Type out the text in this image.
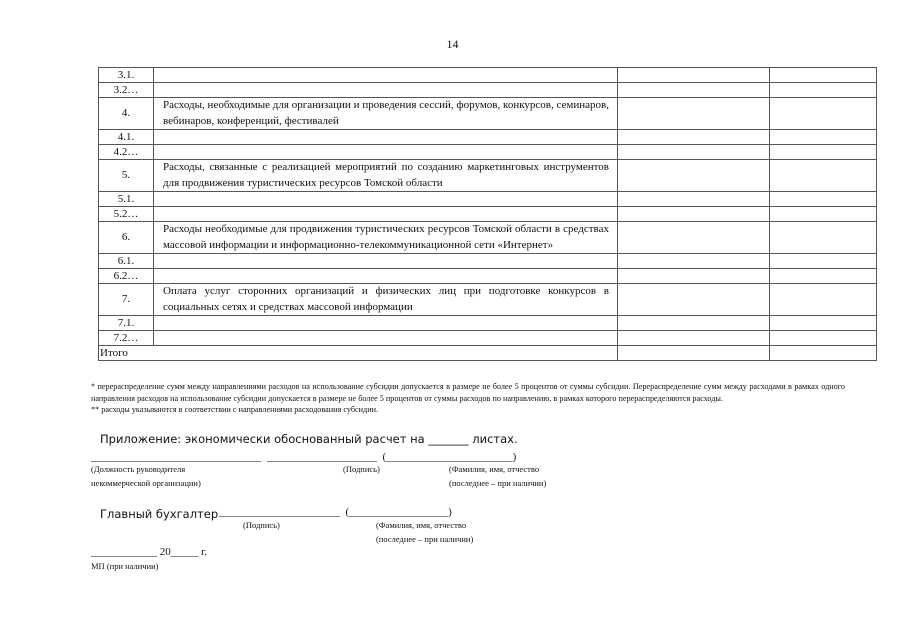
14
3.1.			
3.2…			
4.	Расходы, необходимые для организации и проведения сессий, форумов, конкурсов, семинаров, вебинаров, конференций, фестивалей		
4.1.			
4.2…			
5.	Расходы, связанные с реализацией мероприятий по созданию маркетинговых инструментов для продвижения туристических ресурсов Томской области		
5.1.			
5.2…			
6.	Расходы необходимые для продвижения туристических ресурсов Томской области в средствах массовой информации и информационно-телекоммуникационной сети «Интернет»		
6.1.			
6.2…			
7.	Оплата услуг сторонних организаций и физических лиц при подготовке конкурсов в социальных сетях и средствах массовой информации		
7.1.			
7.2…			
Итого			
* перераспределение сумм между направлениями расходов на использование субсидии допускается в размере не более 5 процентов от суммы субсидии. Перераспределение сумм между расходами в рамках одного направления расходов на использование субсидии допускается в размере не более 5 процентов от суммы расходов по направлению, в рамках которого перераспределяются расходы.
** расходы указываются в соответствии с направлениями расходования субсидии.
Приложение: экономически обоснованный расчет на _______ листах.
_______________________________  ____________________  (_______________________)
(Должность руководителя
некоммерческой организации)
(Подпись)	(Фамилия, имя, отчество
(последнее – при наличии)
Главный бухгалтер ______________________  (__________________)
(Подпись)	(Фамилия, имя, отчество
(последнее – при наличии)
____________ 20_____ г.
МП (при наличии)
